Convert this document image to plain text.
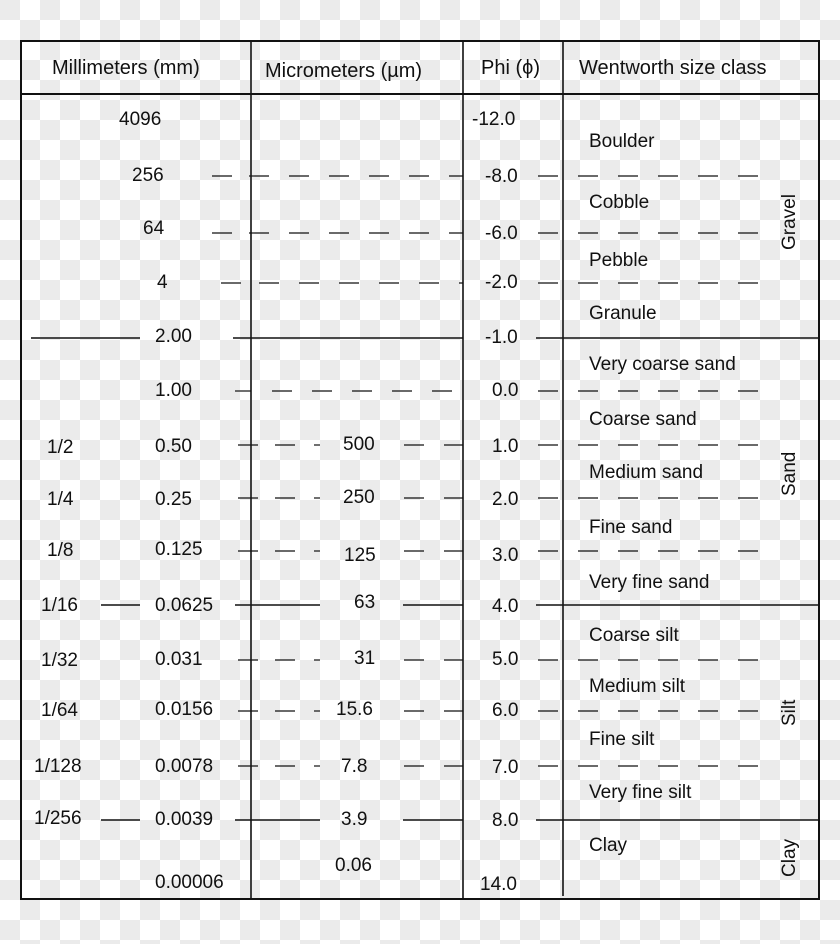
Millimeters (mm)	Micrometers (µm)	Phi (ϕ) Wentworth size class
1/2
1/4
1/8
1/16
1/32
1/64
1/128
1/256
4096
256
64
4
2.00
1.00
0.50
0.25
0.125
0.0625
0.031
0.0156
0.0078
0.0039
0.00006
500
250
125
63
31
15.6
7.8
3.9
0.06
-12.0
-8.0
-6.0
-2.0
-1.0
0.0
1.0
2.0
3.0
4.0
5.0
6.0
7.0
8.0
14.0
Boulder
Cobble
Pebble
Granule
Very coarse sand
Coarse sand
Medium sand
Fine sand
Very fine sand
Coarse silt
Medium silt
Fine silt
Very fine silt
Clay
Gravel
Sand
Silt
Clay
